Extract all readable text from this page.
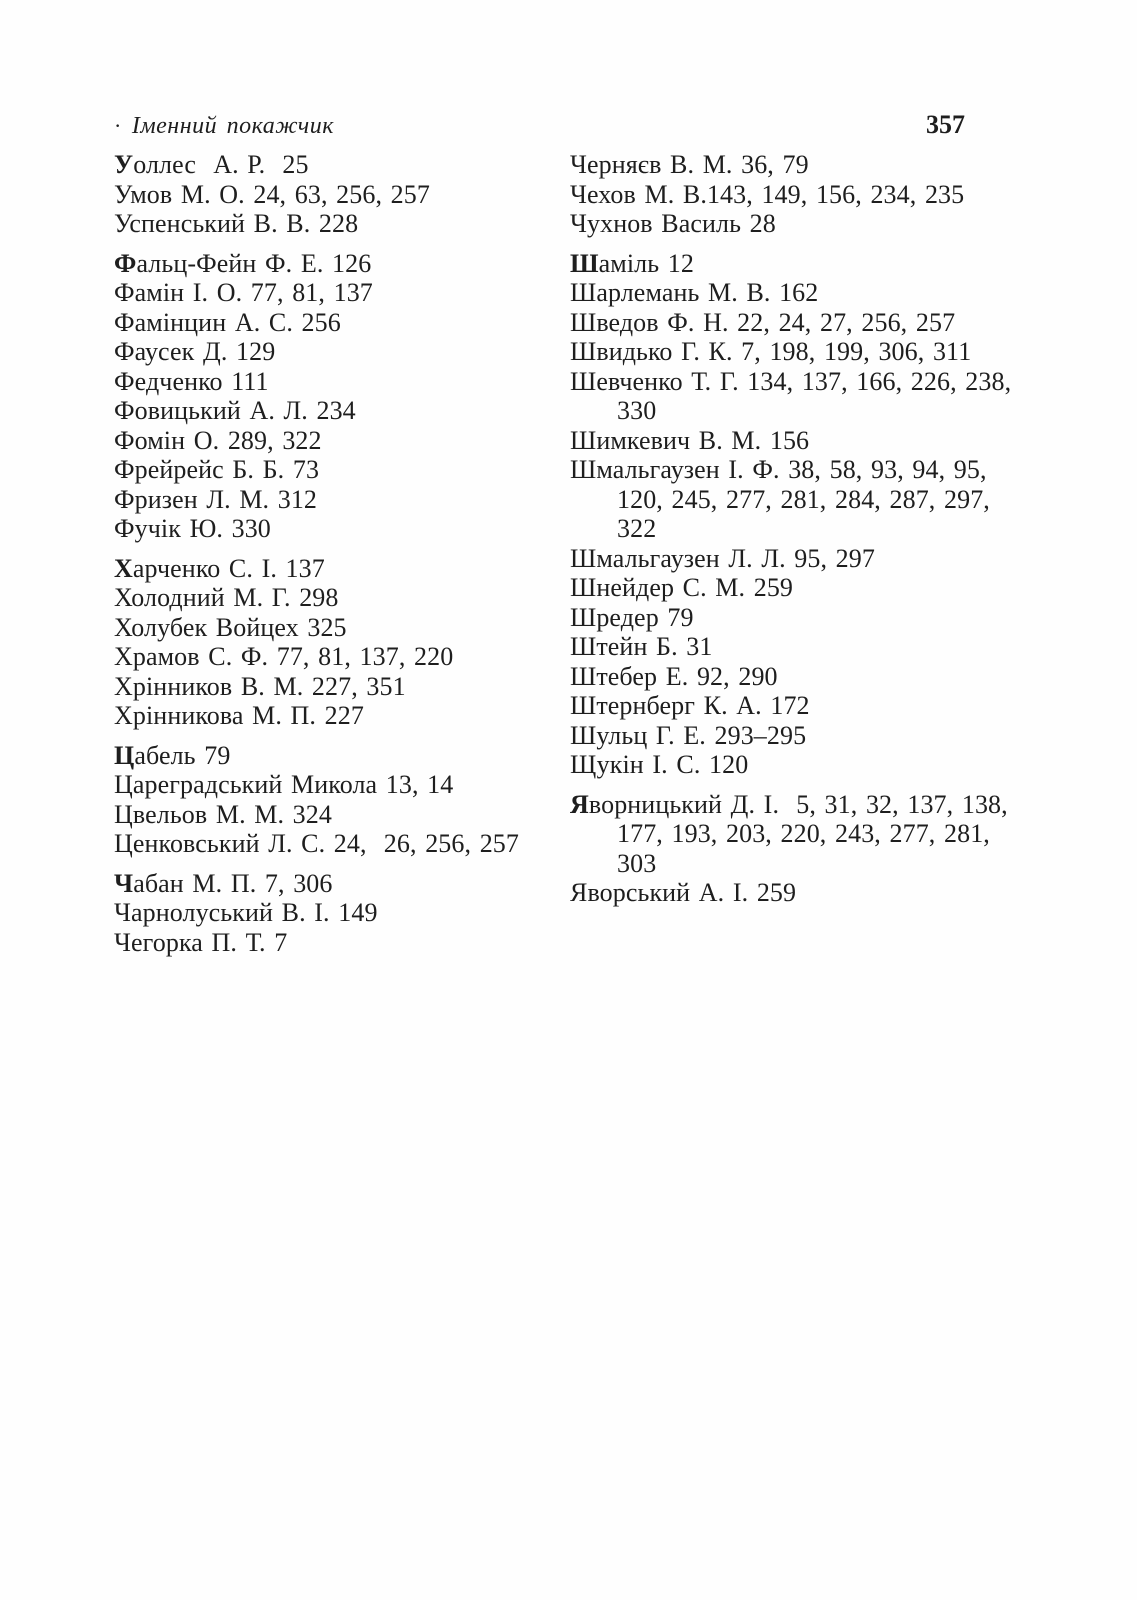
· Іменний покажчик
	357
Уоллес  А. Р.  25
Умов М. О. 24, 63, 256, 257
Успенський В. В. 228
Фальц-Фейн Ф. Е. 126
Фамін І. О. 77, 81, 137
Фамінцин А. С. 256
Фаусек Д. 129
Федченко 111
Фовицький А. Л. 234
Фомін О. 289, 322
Фрейрейс Б. Б. 73
Фризен Л. М. 312
Фучік Ю. 330
Харченко С. І. 137
Холодний М. Г. 298
Холубек Войцех 325
Храмов С. Ф. 77, 81, 137, 220
Хрінников В. М. 227, 351
Хрінникова М. П. 227
Цабель 79
Цареградський Микола 13, 14
Цвельов М. М. 324
Ценковський Л. С. 24,  26, 256, 257
Чабан М. П. 7, 306
Чарнолуський В. І. 149
Чегорка П. Т. 7
Черняєв В. М. 36, 79
Чехов М. В.143, 149, 156, 234, 235
Чухнов Василь 28
Шаміль 12
Шарлемань М. В. 162
Шведов Ф. Н. 22, 24, 27, 256, 257
Швидько Г. К. 7, 198, 199, 306, 311
Шевченко Т. Г. 134, 137, 166, 226, 238,
330
Шимкевич В. М. 156
Шмальгаузен І. Ф. 38, 58, 93, 94, 95,
120, 245, 277, 281, 284, 287, 297,
322
Шмальгаузен Л. Л. 95, 297
Шнейдер С. М. 259
Шредер 79
Штейн Б. 31
Штебер Е. 92, 290
Штернберг К. А. 172
Шульц Г. Е. 293–295
Щукін І. С. 120
Яворницький Д. І.  5, 31, 32, 137, 138,
177, 193, 203, 220, 243, 277, 281,
303
Яворський А. І. 259
